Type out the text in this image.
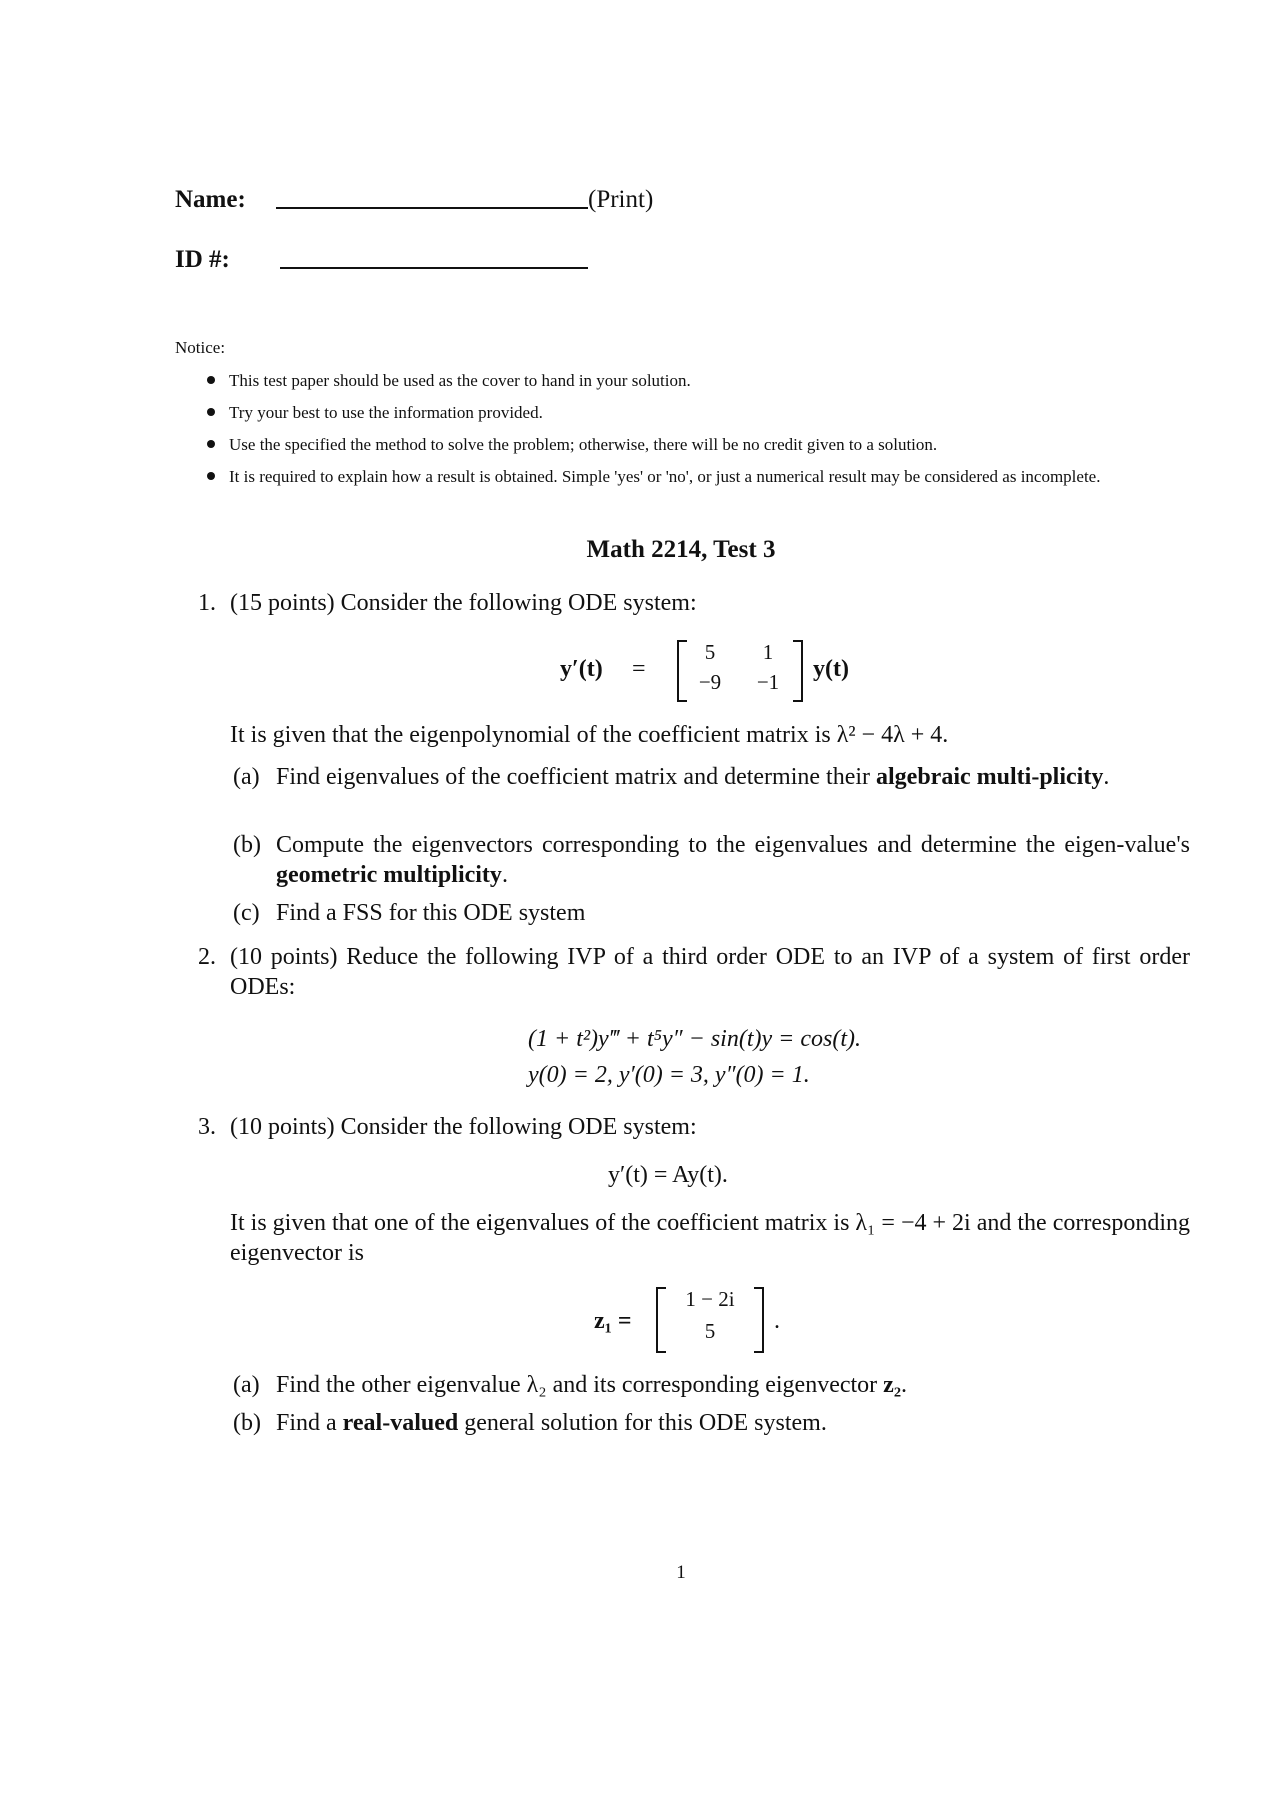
Name:	(Print)
ID #:
Notice:
This test paper should be used as the cover to hand in your solution.
Try your best to use the information provided.
Use the specified the method to solve the problem; otherwise, there will be no credit given to a solution.
It is required to explain how a result is obtained. Simple 'yes' or 'no', or just a numerical result may be considered as incomplete.
Math 2214, Test 3
1. (15 points) Consider the following ODE system:
y′(t) =
5	1
−9	−1	y(t)
It is given that the eigenpolynomial of the coefficient matrix is λ² − 4λ + 4.
(a) Find eigenvalues of the coefficient matrix and determine their algebraic multi-plicity.
(b) Compute the eigenvectors corresponding to the eigenvalues and determine the eigen-value's geometric multiplicity.
(c) Find a FSS for this ODE system
2. (10 points) Reduce the following IVP of a third order ODE to an IVP of a system of first order ODEs:
(1 + t²)y‴ + t⁵y″ − sin(t)y = cos(t).
y(0) = 2, y′(0) = 3, y″(0) = 1.
3. (10 points) Consider the following ODE system:
y′(t) = Ay(t).
It is given that one of the eigenvalues of the coefficient matrix is λ₁ = −4 + 2i and the corresponding eigenvector is
z₁ =
1 − 2i
5	.
(a) Find the other eigenvalue λ₂ and its corresponding eigenvector z₂.
(b) Find a real-valued general solution for this ODE system.
1
